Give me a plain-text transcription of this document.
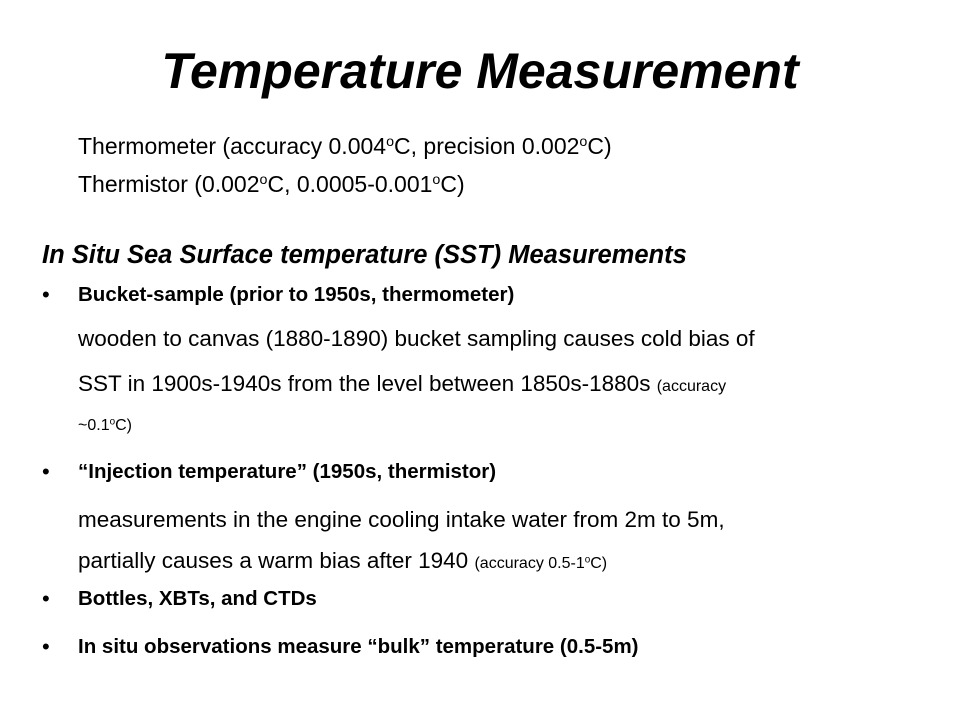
Temperature Measurement
Thermometer (accuracy 0.004$^o$C, precision 0.002$^o$C)
Thermistor (0.002$^o$C, 0.0005-0.001$^o$C)
In Situ Sea Surface temperature (SST) Measurements
• Bucket-sample (prior to 1950s, thermometer)
wooden to canvas (1880-1890) bucket sampling causes cold bias of
SST in 1900s-1940s from the level between 1850s-1880s (accuracy
~0.1$^o$C)
• “Injection temperature” (1950s, thermistor)
measurements in the engine cooling intake water from 2m to 5m,
partially causes a warm bias after 1940 (accuracy 0.5-1$^o$C)
• Bottles, XBTs, and CTDs
• In situ observations measure “bulk” temperature (0.5-5m)
